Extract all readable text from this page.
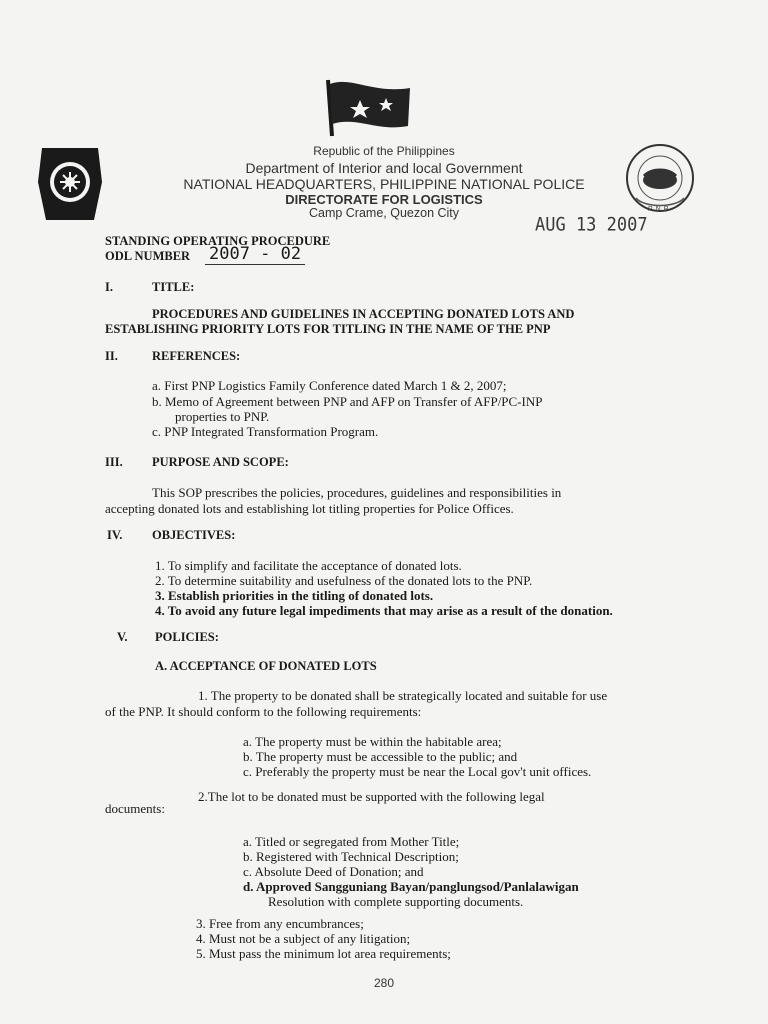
PNP
Republic of the Philippines
Department of Interior and local Government
NATIONAL HEADQUARTERS, PHILIPPINE NATIONAL POLICE
DIRECTORATE FOR LOGISTICS
Camp Crame, Quezon City
AUG 13 2007
STANDING OPERATING PROCEDURE
ODL NUMBER 2007 - 02
I.	TITLE:
PROCEDURES AND GUIDELINES IN ACCEPTING DONATED LOTS AND
ESTABLISHING PRIORITY LOTS FOR TITLING IN THE NAME OF THE PNP
II.	REFERENCES:
a. First PNP Logistics Family Conference dated March 1 & 2, 2007;
b. Memo of Agreement between PNP and AFP on Transfer of AFP/PC-INP
properties to PNP.
c. PNP Integrated Transformation Program.
III. PURPOSE AND SCOPE:
This SOP prescribes the policies, procedures, guidelines and responsibilities in
accepting donated lots and establishing lot titling properties for Police Offices.
IV. OBJECTIVES:
1. To simplify and facilitate the acceptance of donated lots.
2. To determine suitability and usefulness of the donated lots to the PNP.
3. Establish priorities in the titling of donated lots.
4. To avoid any future legal impediments that may arise as a result of the donation.
V. POLICIES:
A. ACCEPTANCE OF DONATED LOTS
1. The property to be donated shall be strategically located and suitable for use
of the PNP. It should conform to the following requirements:
a. The property must be within the habitable area;
b. The property must be accessible to the public; and
c. Preferably the property must be near the Local gov't unit offices.
2.The lot to be donated must be supported with the following legal
documents:
a. Titled or segregated from Mother Title;
b. Registered with Technical Description;
c. Absolute Deed of Donation; and
d. Approved Sangguniang Bayan/panglungsod/Panlalawigan
Resolution with complete supporting documents.
3. Free from any encumbrances;
4. Must not be a subject of any litigation;
5. Must pass the minimum lot area requirements;
280
